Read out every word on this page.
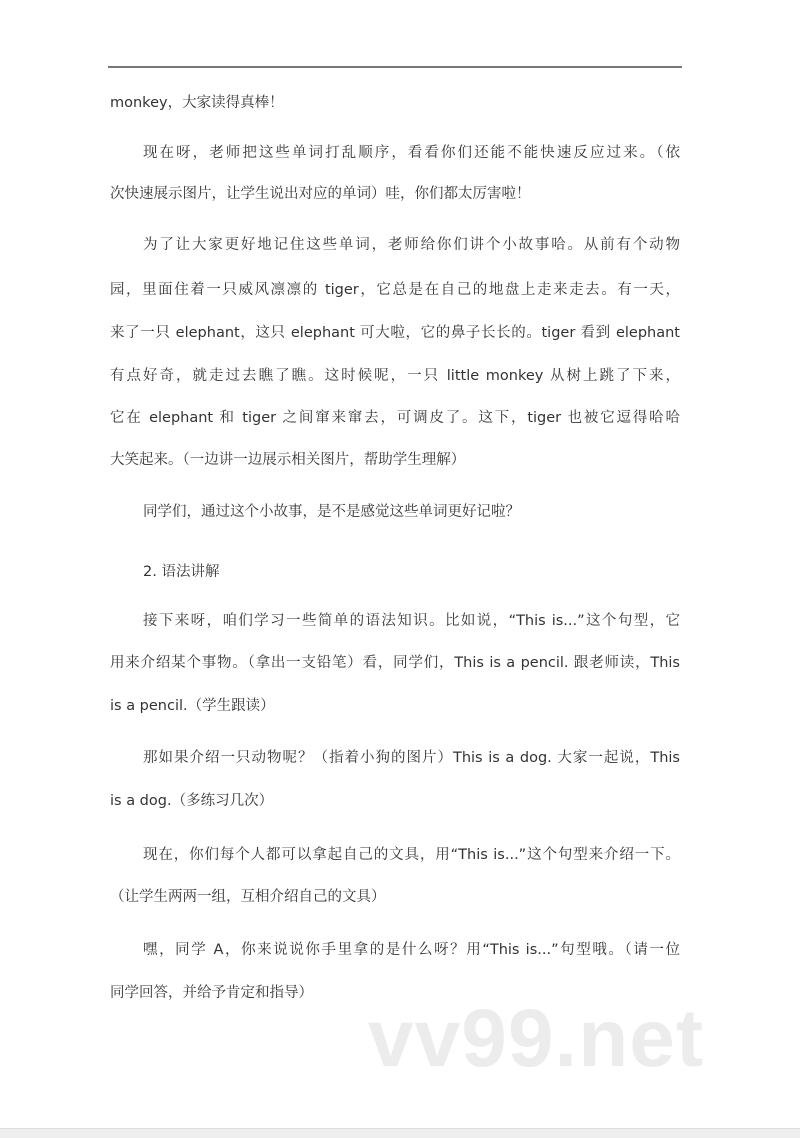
monkey，大家读得真棒！
现在呀，老师把这些单词打乱顺序，看看你们还能不能快速反应过来。（依
次快速展示图片，让学生说出对应的单词）哇，你们都太厉害啦！
为了让大家更好地记住这些单词，老师给你们讲个小故事哈。从前有个动物
园，里面住着一只威风凛凛的 tiger，它总是在自己的地盘上走来走去。有一天，
来了一只 elephant，这只 elephant 可大啦，它的鼻子长长的。tiger 看到 elephant
有点好奇，就走过去瞧了瞧。这时候呢，一只 little monkey 从树上跳了下来，
它在 elephant 和 tiger 之间窜来窜去，可调皮了。这下，tiger 也被它逗得哈哈
大笑起来。（一边讲一边展示相关图片，帮助学生理解）
同学们，通过这个小故事，是不是感觉这些单词更好记啦？
2. 语法讲解
接下来呀，咱们学习一些简单的语法知识。比如说，“This is...”这个句型，它
用来介绍某个事物。（拿出一支铅笔）看，同学们，This is a pencil. 跟老师读，This
is a pencil.（学生跟读）
那如果介绍一只动物呢？（指着小狗的图片）This is a dog. 大家一起说，This
is a dog.（多练习几次）
现在，你们每个人都可以拿起自己的文具，用“This is...”这个句型来介绍一下。
（让学生两两一组，互相介绍自己的文具）
嘿，同学 A，你来说说你手里拿的是什么呀？用“This is...”句型哦。（请一位
同学回答，并给予肯定和指导） vv99.net
